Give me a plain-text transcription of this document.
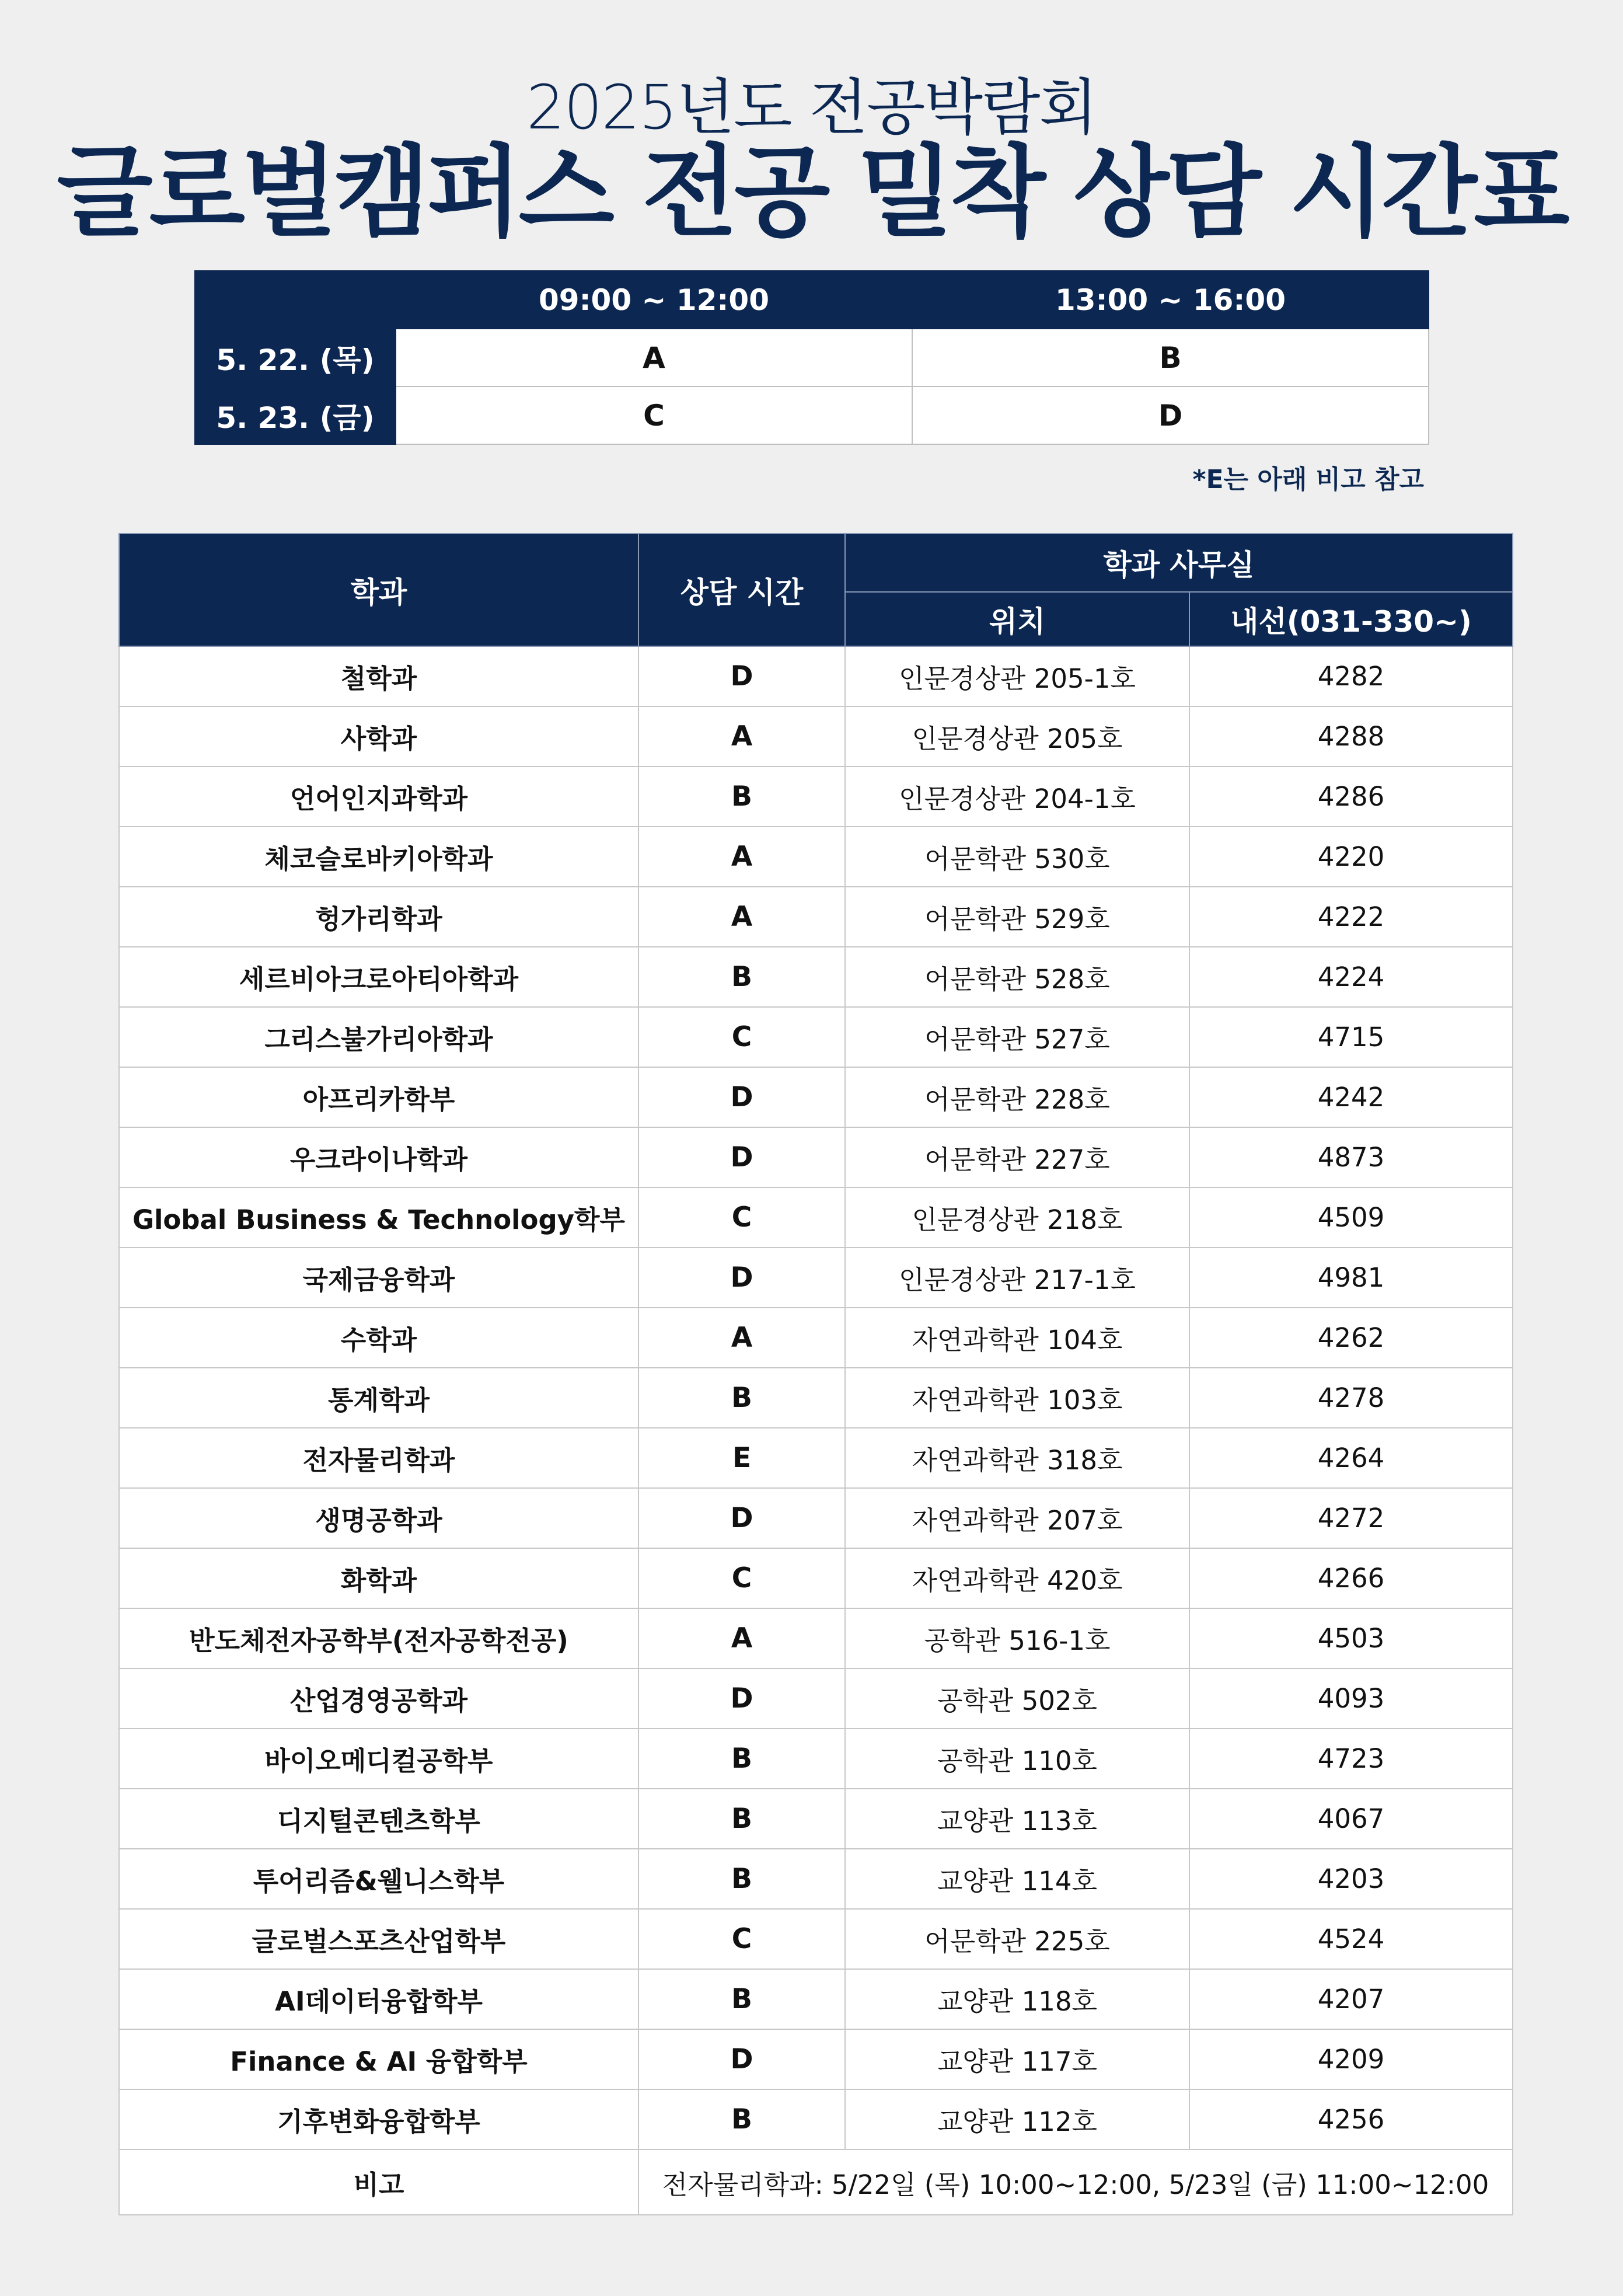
2025년도 전공박람회
글로벌캠퍼스 전공 밀착 상담 시간표
	09:00 ~ 12:00	13:00 ~ 16:00
5. 22. (목)	A	B
5. 23. (금)	C	D
*E는 아래 비고 참고
학과	상담 시간	학과 사무실	
		위치	내선(031-330~)
철학과	D	인문경상관 205-1호	4282
사학과	A	인문경상관 205호	4288
언어인지과학과	B	인문경상관 204-1호	4286
체코슬로바키아학과	A	어문학관 530호	4220
헝가리학과	A	어문학관 529호	4222
세르비아크로아티아학과	B	어문학관 528호	4224
그리스불가리아학과	C	어문학관 527호	4715
아프리카학부	D	어문학관 228호	4242
우크라이나학과	D	어문학관 227호	4873
Global Business & Technology학부	C	인문경상관 218호	4509
국제금융학과	D	인문경상관 217-1호	4981
수학과	A	자연과학관 104호	4262
통계학과	B	자연과학관 103호	4278
전자물리학과	E	자연과학관 318호	4264
생명공학과	D	자연과학관 207호	4272
화학과	C	자연과학관 420호	4266
반도체전자공학부(전자공학전공)	A	공학관 516-1호	4503
산업경영공학과	D	공학관 502호	4093
바이오메디컬공학부	B	공학관 110호	4723
디지털콘텐츠학부	B	교양관 113호	4067
투어리즘&웰니스학부	B	교양관 114호	4203
글로벌스포츠산업학부	C	어문학관 225호	4524
AI데이터융합학부	B	교양관 118호	4207
Finance & AI 융합학부	D	교양관 117호	4209
기후변화융합학부	B	교양관 112호	4256
비고	전자물리학과: 5/22일 (목) 10:00~12:00, 5/23일 (금) 11:00~12:00		
